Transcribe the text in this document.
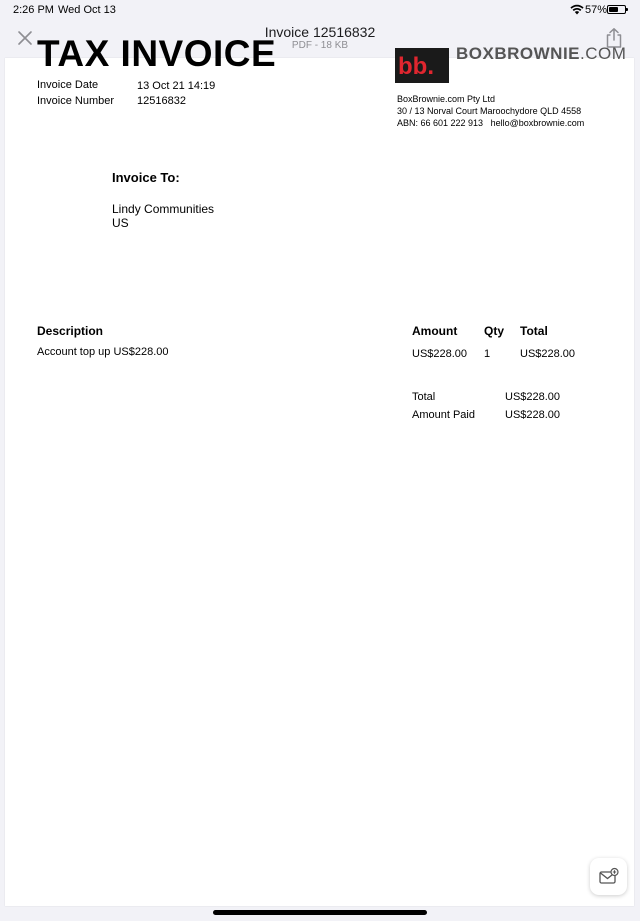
2:26 PM Wed Oct 13	57%
Invoice 12516832
PDF - 18 KB
TAX INVOICE
Invoice Date	13 Oct 21 14:19
Invoice Number 12516832
bb. BOXBROWNIE.COM
BoxBrownie.com Pty Ltd
30 / 13 Norval Court Maroochydore QLD 4558
ABN: 66 601 222 913   hello@boxbrownie.com
Invoice To:
Lindy Communities
US
Description	Amount Qty Total
Account top up US$228.00	US$228.00 1	US$228.00
Total	US$228.00
Amount Paid	US$228.00
